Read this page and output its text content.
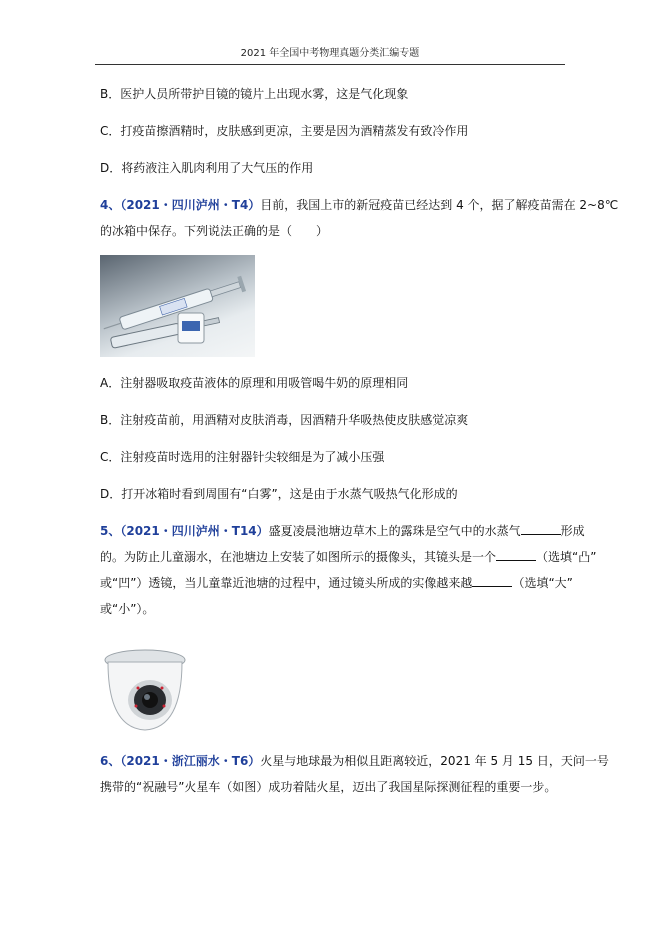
2021 年全国中考物理真题分类汇编专题
B．医护人员所带护目镜的镜片上出现水雾，这是气化现象
C．打疫苗擦酒精时，皮肤感到更凉，主要是因为酒精蒸发有致冷作用
D．将药液注入肌肉利用了大气压的作用
4、（2021・四川泸州・T4）目前，我国上市的新冠疫苗已经达到 4 个，据了解疫苗需在 2~8℃
的冰箱中保存。下列说法正确的是（　　）
A．注射器吸取疫苗液体的原理和用吸管喝牛奶的原理相同
B．注射疫苗前，用酒精对皮肤消毒，因酒精升华吸热使皮肤感觉凉爽
C．注射疫苗时选用的注射器针尖较细是为了减小压强
D．打开冰箱时看到周围有“白雾”，这是由于水蒸气吸热气化形成的
5、（2021・四川泸州・T14）盛夏凌晨池塘边草木上的露珠是空气中的水蒸气	形成
的。为防止儿童溺水，在池塘边上安装了如图所示的摄像头，其镜头是一个	（选填“凸”
或“凹”）透镜，当儿童靠近池塘的过程中，通过镜头所成的实像越来越	（选填“大”
或“小”）。
6、（2021・浙江丽水・T6）火星与地球最为相似且距离较近，2021 年 5 月 15 日，天问一号
携带的“祝融号”火星车（如图）成功着陆火星，迈出了我国星际探测征程的重要一步。
